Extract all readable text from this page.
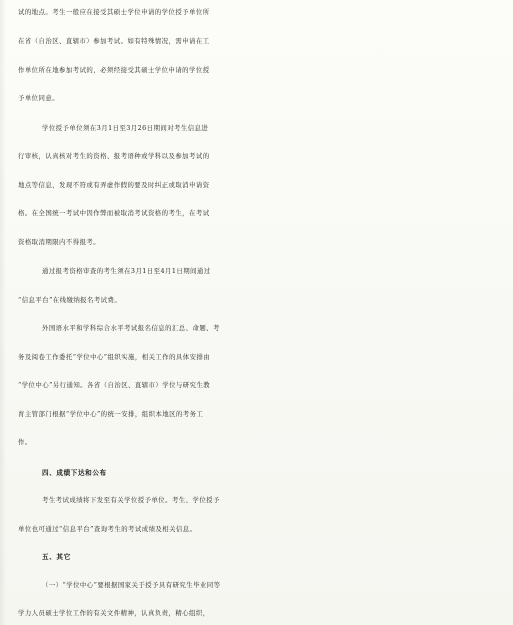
试的地点。考生一般应在接受其硕士学位申请的学位授予单位所
在省（自治区、直辖市）参加考试。如有特殊情况，需申请在工
作单位所在地参加考试的，必须经接受其硕士学位申请的学位授
予单位同意。
学位授予单位须在3月1日至3月26日期间对考生信息进
行审核，认真核对考生的资格、报考语种或学科以及参加考试的
地点等信息，发现不符或有弄虚作假的要及时纠正或取消申请资
格。在全国统一考试中因作弊而被取消考试资格的考生，在考试
资格取消期限内不得报考。
通过报考资格审查的考生须在3月1日至4月1日期间通过
“信息平台”在线缴纳报名考试费。
外国语水平和学科综合水平考试报名信息的汇总、命题、考
务及阅卷工作委托“学位中心”组织实施，相关工作的具体安排由
“学位中心”另行通知。各省（自治区、直辖市）学位与研究生教
育主管部门根据“学位中心”的统一安排，组织本地区的考务工
作。
四、成绩下达和公布
考生考试成绩将下发至有关学位授予单位。考生、学位授予
单位也可通过“信息平台”查询考生的考试成绩及相关信息。
五、其它
（一）“学位中心”要根据国家关于授予具有研究生毕业同等
学力人员硕士学位工作的有关文件精神，认真负责，精心组织，
